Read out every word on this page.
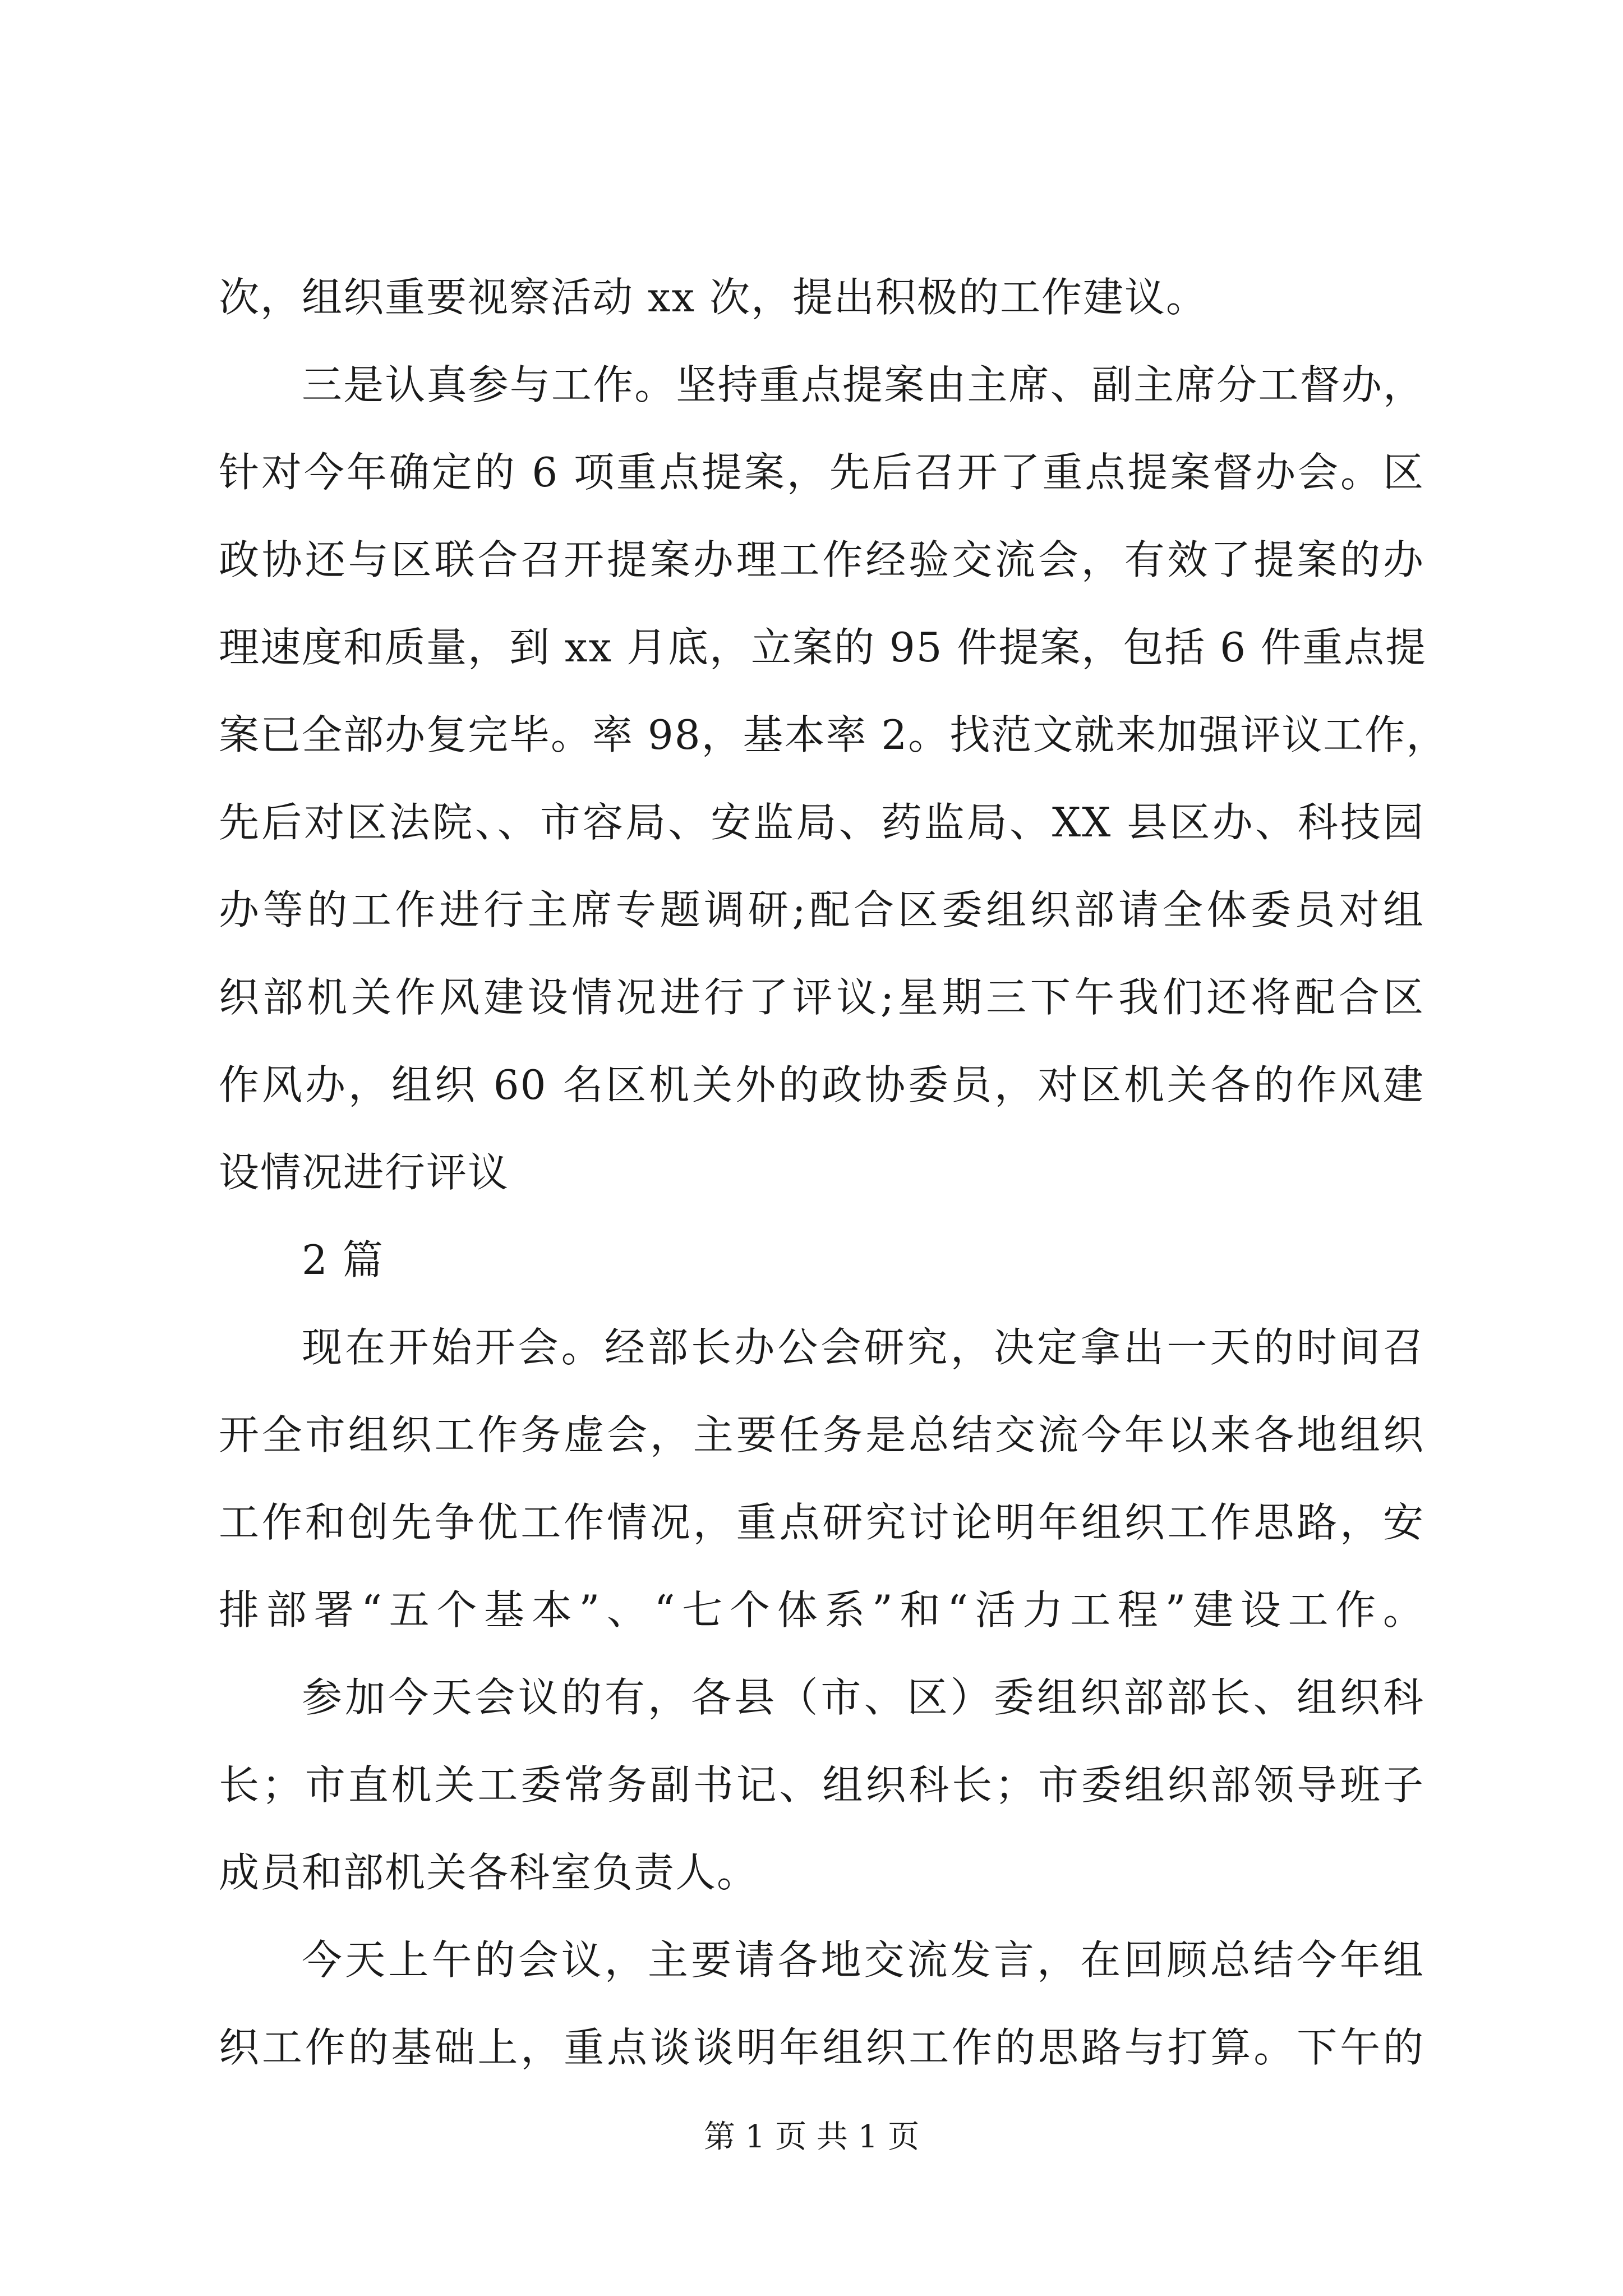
次，组织重要视察活动 xx 次，提出积极的工作建议。
三是认真参与工作。坚持重点提案由主席、副主席分工督办，
针对今年确定的 6 项重点提案，先后召开了重点提案督办会。区
政协还与区联合召开提案办理工作经验交流会，有效了提案的办
理速度和质量，到 xx 月底，立案的 95 件提案，包括 6 件重点提
案已全部办复完毕。率 98，基本率 2。找范文就来加强评议工作，
先后对区法院、、市容局、安监局、药监局、XX 县区办、科技园
办等的工作进行主席专题调研;配合区委组织部请全体委员对组
织部机关作风建设情况进行了评议;星期三下午我们还将配合区
作风办，组织 60 名区机关外的政协委员，对区机关各的作风建
设情况进行评议
2 篇
现在开始开会。经部长办公会研究，决定拿出一天的时间召
开全市组织工作务虚会，主要任务是总结交流今年以来各地组织
工作和创先争优工作情况，重点研究讨论明年组织工作思路，安
排部署“五个基本”、“七个体系”和“活力工程”建设工作。
参加今天会议的有，各县（市、区）委组织部部长、组织科
长；市直机关工委常务副书记、组织科长；市委组织部领导班子
成员和部机关各科室负责人。
今天上午的会议，主要请各地交流发言，在回顾总结今年组
织工作的基础上，重点谈谈明年组织工作的思路与打算。下午的
第 1 页 共 1 页
